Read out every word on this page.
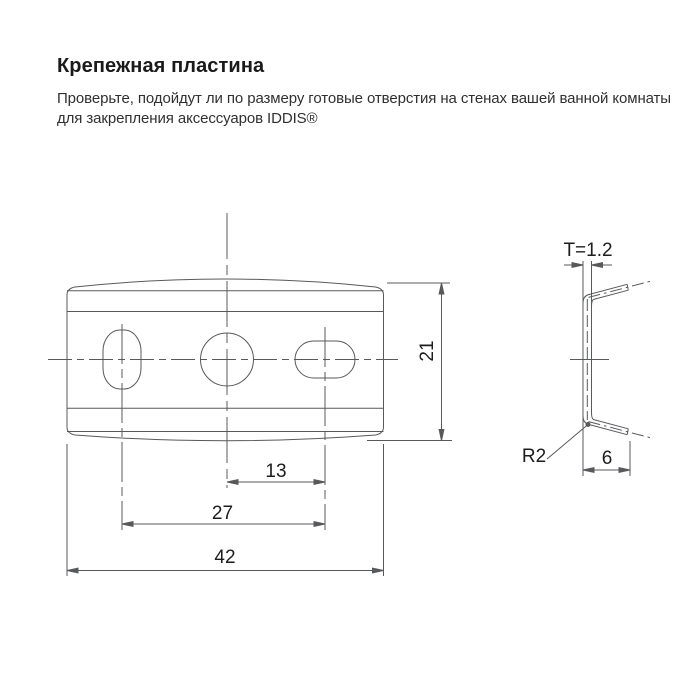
Крепежная пластина
Проверьте, подойдут ли по размеру готовые отверстия на стенах вашей ванной комнаты
для закрепления аксессуаров IDDIS®
13
27
42
21
T=1.2
R2	6
